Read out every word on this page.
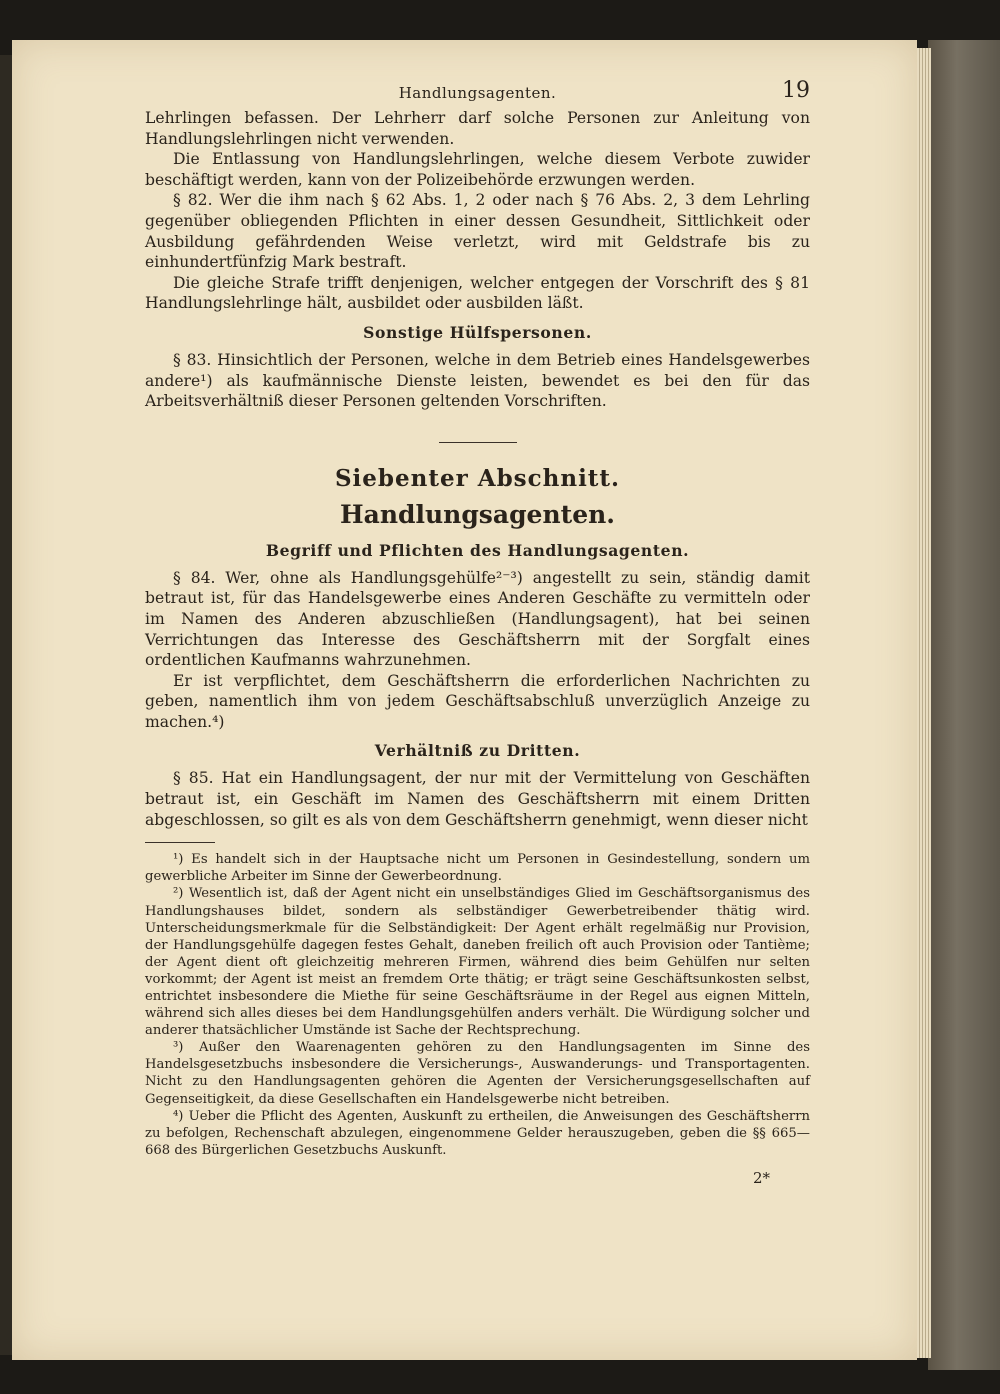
Handlungsagenten.	19

Lehrlingen befassen. Der Lehrherr darf solche Personen zur Anleitung von Handlungslehrlingen nicht verwenden.

Die Entlassung von Handlungslehrlingen, welche diesem Verbote zuwider beschäftigt werden, kann von der Polizeibehörde erzwungen werden.

§ 82. Wer die ihm nach § 62 Abs. 1, 2 oder nach § 76 Abs. 2, 3 dem Lehrling gegenüber obliegenden Pflichten in einer dessen Gesundheit, Sittlichkeit oder Ausbildung gefährdenden Weise verletzt, wird mit Geldstrafe bis zu einhundertfünfzig Mark bestraft.

Die gleiche Strafe trifft denjenigen, welcher entgegen der Vorschrift des § 81 Handlungslehrlinge hält, ausbildet oder ausbilden läßt.

Sonstige Hülfspersonen.

§ 83. Hinsichtlich der Personen, welche in dem Betrieb eines Handelsgewerbes andere¹) als kaufmännische Dienste leisten, bewendet es bei den für das Arbeitsverhältniß dieser Personen geltenden Vorschriften.

Siebenter Abschnitt.
Handlungsagenten.
Begriff und Pflichten des Handlungsagenten.

§ 84. Wer, ohne als Handlungsgehülfe²⁻³) angestellt zu sein, ständig damit betraut ist, für das Handelsgewerbe eines Anderen Geschäfte zu vermitteln oder im Namen des Anderen abzuschließen (Handlungsagent), hat bei seinen Verrichtungen das Interesse des Geschäftsherrn mit der Sorgfalt eines ordentlichen Kaufmanns wahrzunehmen.

Er ist verpflichtet, dem Geschäftsherrn die erforderlichen Nachrichten zu geben, namentlich ihm von jedem Geschäftsabschluß unverzüglich Anzeige zu machen.⁴)

Verhältniß zu Dritten.

§ 85. Hat ein Handlungsagent, der nur mit der Vermittelung von Geschäften betraut ist, ein Geschäft im Namen des Geschäftsherrn mit einem Dritten abgeschlossen, so gilt es als von dem Geschäftsherrn genehmigt, wenn dieser nicht

¹) Es handelt sich in der Hauptsache nicht um Personen in Gesindestellung, sondern um gewerbliche Arbeiter im Sinne der Gewerbeordnung.

²) Wesentlich ist, daß der Agent nicht ein unselbständiges Glied im Geschäftsorganismus des Handlungshauses bildet, sondern als selbständiger Gewerbetreibender thätig wird. Unterscheidungsmerkmale für die Selbständigkeit: Der Agent erhält regelmäßig nur Provision, der Handlungsgehülfe dagegen festes Gehalt, daneben freilich oft auch Provision oder Tantième; der Agent dient oft gleichzeitig mehreren Firmen, während dies beim Gehülfen nur selten vorkommt; der Agent ist meist an fremdem Orte thätig; er trägt seine Geschäftsunkosten selbst, entrichtet insbesondere die Miethe für seine Geschäftsräume in der Regel aus eignen Mitteln, während sich alles dieses bei dem Handlungsgehülfen anders verhält. Die Würdigung solcher und anderer thatsächlicher Umstände ist Sache der Rechtsprechung.

³) Außer den Waarenagenten gehören zu den Handlungsagenten im Sinne des Handelsgesetzbuchs insbesondere die Versicherungs-, Auswanderungs- und Transportagenten. Nicht zu den Handlungsagenten gehören die Agenten der Versicherungsgesellschaften auf Gegenseitigkeit, da diese Gesellschaften ein Handelsgewerbe nicht betreiben.

⁴) Ueber die Pflicht des Agenten, Auskunft zu ertheilen, die Anweisungen des Geschäftsherrn zu befolgen, Rechenschaft abzulegen, eingenommene Gelder herauszugeben, geben die §§ 665—668 des Bürgerlichen Gesetzbuchs Auskunft.

2*
